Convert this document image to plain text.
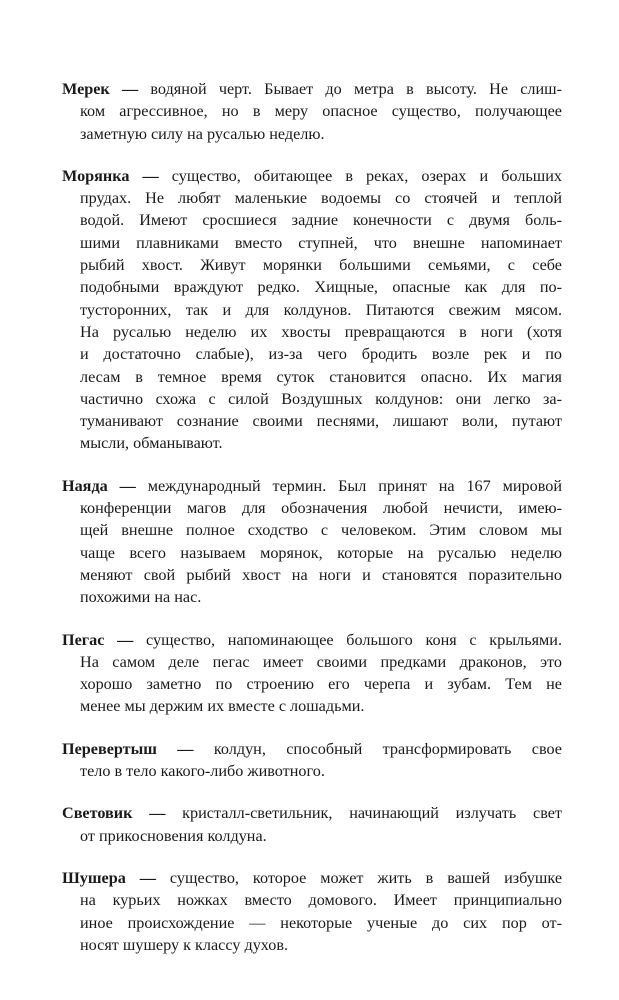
Мерек — водяной черт. Бывает до метра в высоту. Не слиш-
ком агрессивное, но в меру опасное существо, получающее
заметную силу на русалью неделю.

Морянка — существо, обитающее в реках, озерах и больших
прудах. Не любят маленькие водоемы со стоячей и теплой
водой. Имеют сросшиеся задние конечности с двумя боль-
шими плавниками вместо ступней, что внешне напоминает
рыбий хвост. Живут морянки большими семьями, с себе
подобными враждуют редко. Хищные, опасные как для по-
тусторонних, так и для колдунов. Питаются свежим мясом.
На русалью неделю их хвосты превращаются в ноги (хотя
и достаточно слабые), из-за чего бродить возле рек и по
лесам в темное время суток становится опасно. Их магия
частично схожа с силой Воздушных колдунов: они легко за-
туманивают сознание своими песнями, лишают воли, путают
мысли, обманывают.

Наяда — международный термин. Был принят на 167 мировой
конференции магов для обозначения любой нечисти, имею-
щей внешне полное сходство с человеком. Этим словом мы
чаще всего называем морянок, которые на русалью неделю
меняют свой рыбий хвост на ноги и становятся поразительно
похожими на нас.

Пегас — существо, напоминающее большого коня с крыльями.
На самом деле пегас имеет своими предками драконов, это
хорошо заметно по строению его черепа и зубам. Тем не
менее мы держим их вместе с лошадьми.

Перевертыш — колдун, способный трансформировать свое
тело в тело какого-либо животного.

Световик — кристалл-светильник, начинающий излучать свет
от прикосновения колдуна.

Шушера — существо, которое может жить в вашей избушке
на курьих ножках вместо домового. Имеет принципиально
иное происхождение — некоторые ученые до сих пор от-
носят шушеру к классу духов.
